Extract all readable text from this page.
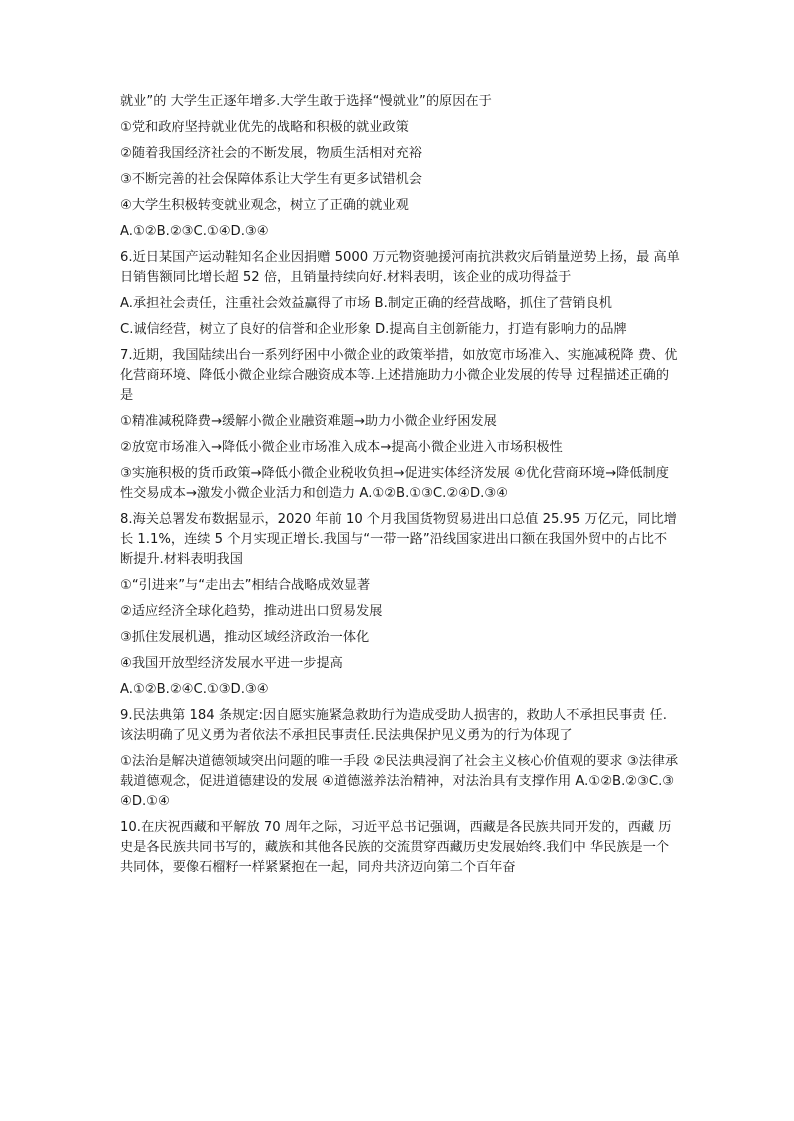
就业”的 大学生正逐年增多.大学生敢于选择“慢就业”的原因在于

①党和政府坚持就业优先的战略和积极的就业政策

②随着我国经济社会的不断发展，物质生活相对充裕

③不断完善的社会保障体系让大学生有更多试错机会

④大学生积极转变就业观念，树立了正确的就业观

A.①②B.②③C.①④D.③④

6.近日某国产运动鞋知名企业因捐赠 5000 万元物资驰援河南抗洪救灾后销量逆势上扬，最 高单日销售额同比增长超 52 倍，且销量持续向好.材料表明，该企业的成功得益于

A.承担社会责任，注重社会效益赢得了市场 B.制定正确的经营战略，抓住了营销良机

C.诚信经营，树立了良好的信誉和企业形象 D.提高自主创新能力，打造有影响力的品牌

7.近期，我国陆续出台一系列纾困中小微企业的政策举措，如放宽市场准入、实施减税降 费、优化营商环境、降低小微企业综合融资成本等.上述措施助力小微企业发展的传导 过程描述正确的是

①精准减税降费→缓解小微企业融资难题→助力小微企业纾困发展

②放宽市场准入→降低小微企业市场准入成本→提高小微企业进入市场积极性

③实施积极的货币政策→降低小微企业税收负担→促进实体经济发展 ④优化营商环境→降低制度性交易成本→激发小微企业活力和创造力 A.①②B.①③C.②④D.③④

8.海关总署发布数据显示，2020 年前 10 个月我国货物贸易进出口总值 25.95 万亿元，同比增长 1.1%，连续 5 个月实现正增长.我国与“一带一路”沿线国家进出口额在我国外贸中的占比不断提升.材料表明我国

①“引进来”与“走出去”相结合战略成效显著

②适应经济全球化趋势，推动进出口贸易发展

③抓住发展机遇，推动区域经济政治一体化

④我国开放型经济发展水平进一步提高

A.①②B.②④C.①③D.③④

9.民法典第 184 条规定:因自愿实施紧急救助行为造成受助人损害的，救助人不承担民事责 任.该法明确了见义勇为者依法不承担民事责任.民法典保护见义勇为的行为体现了

①法治是解决道德领域突出问题的唯一手段 ②民法典浸润了社会主义核心价值观的要求 ③法律承载道德观念，促进道德建设的发展 ④道德滋养法治精神，对法治具有支撑作用 A.①②B.②③C.③④D.①④

10.在庆祝西藏和平解放 70 周年之际，习近平总书记强调，西藏是各民族共同开发的，西藏 历史是各民族共同书写的，藏族和其他各民族的交流贯穿西藏历史发展始终.我们中 华民族是一个共同体，要像石榴籽一样紧紧抱在一起，同舟共济迈向第二个百年奋
